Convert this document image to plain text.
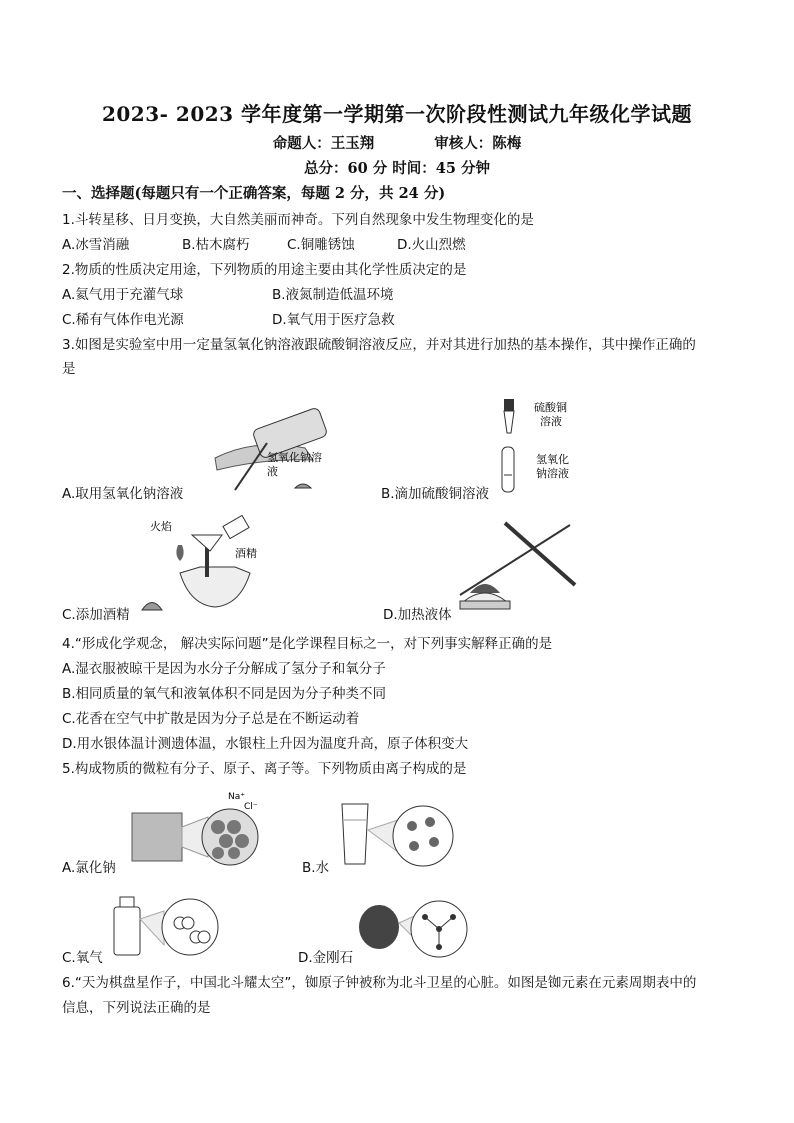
2023- 2023 学年度第一学期第一次阶段性测试九年级化学试题
命题人：王玉翔	审核人：陈梅
总分：60 分 时间：45 分钟
一、选择题(每题只有一个正确答案，每题 2 分，共 24 分)
1.斗转星移、日月变换，大自然美丽而神奇。下列自然现象中发生物理变化的是
A.冰雪消融	B.枯木腐朽	C.铜雕锈蚀	D.火山烈燃
2.物质的性质决定用途，下列物质的用途主要由其化学性质决定的是
A.氦气用于充灌气球	B.液氮制造低温环境
C.稀有气体作电光源	D.氧气用于医疗急救
3.如图是实验室中用一定量氢氧化钠溶液跟硫酸铜溶液反应，并对其进行加热的基本操作，其中操作正确的
是
氢氧化钠溶
液
A.取用氢氧化钠溶液
硫酸铜
溶液
氢氧化
钠溶液
B.滴加硫酸铜溶液
火焰
酒精
C.添加酒精	D.加热液体
4.“形成化学观念， 解决实际问题”是化学课程目标之一，对下列事实解释正确的是
A.湿衣服被晾干是因为水分子分解成了氢分子和氧分子
B.相同质量的氧气和液氧体积不同是因为分子种类不同
C.花香在空气中扩散是因为分子总是在不断运动着
D.用水银体温计测遗体温，水银柱上升因为温度升高，原子体积变大
5.构成物质的微粒有分子、原子、离子等。下列物质由离子构成的是
Na⁺
Cl⁻
A.氯化钠	B.水
C.氧气	D.金刚石
6.“天为棋盘星作子，中国北斗耀太空”，铷原子钟被称为北斗卫星的心脏。如图是铷元素在元素周期表中的
信息，下列说法正确的是
